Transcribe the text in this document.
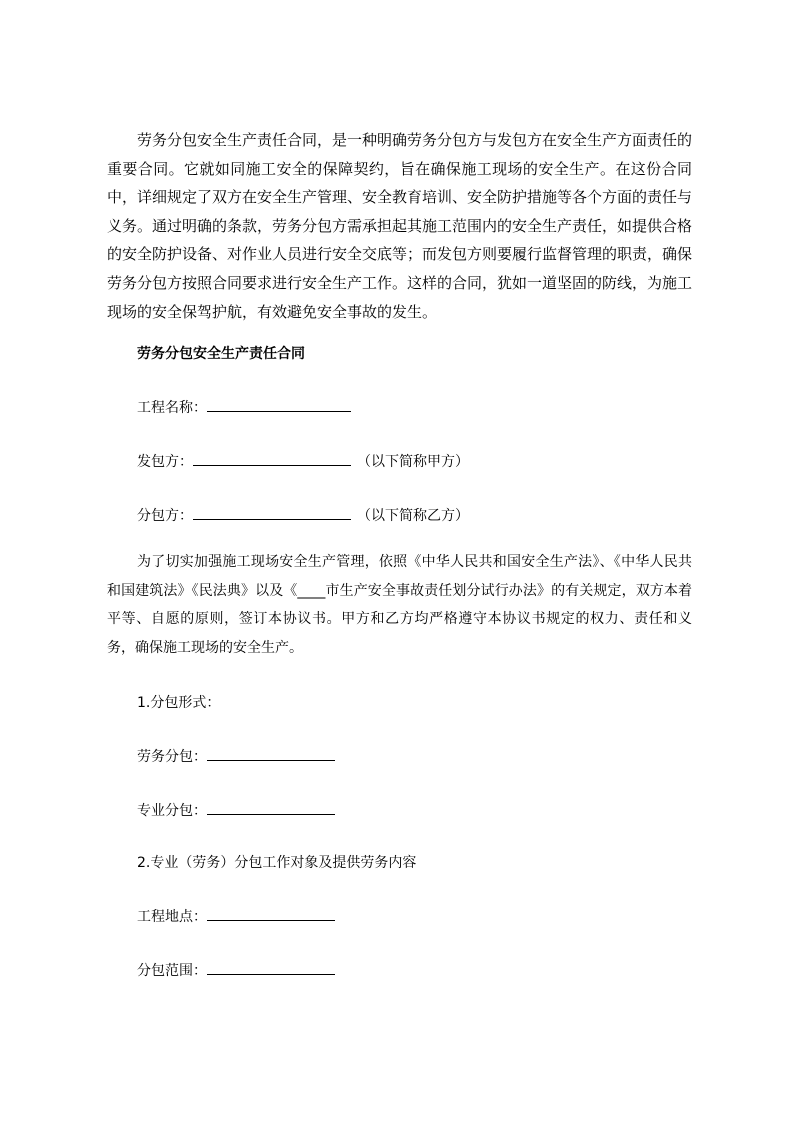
劳务分包安全生产责任合同，是一种明确劳务分包方与发包方在安全生产方面责任的重要合同。它就如同施工安全的保障契约，旨在确保施工现场的安全生产。在这份合同中，详细规定了双方在安全生产管理、安全教育培训、安全防护措施等各个方面的责任与义务。通过明确的条款，劳务分包方需承担起其施工范围内的安全生产责任，如提供合格的安全防护设备、对作业人员进行安全交底等；而发包方则要履行监督管理的职责，确保劳务分包方按照合同要求进行安全生产工作。这样的合同，犹如一道坚固的防线，为施工现场的安全保驾护航，有效避免安全事故的发生。

劳务分包安全生产责任合同

工程名称：

发包方：	（以下简称甲方）

分包方：	（以下简称乙方）

为了切实加强施工现场安全生产管理，依照《中华人民共和国安全生产法》、《中华人民共和国建筑法》《民法典》以及《____市生产安全事故责任划分试行办法》的有关规定，双方本着平等、自愿的原则，签订本协议书。甲方和乙方均严格遵守本协议书规定的权力、责任和义务，确保施工现场的安全生产。

1.分包形式：

劳务分包：

专业分包：

2.专业（劳务）分包工作对象及提供劳务内容

工程地点：

分包范围：
